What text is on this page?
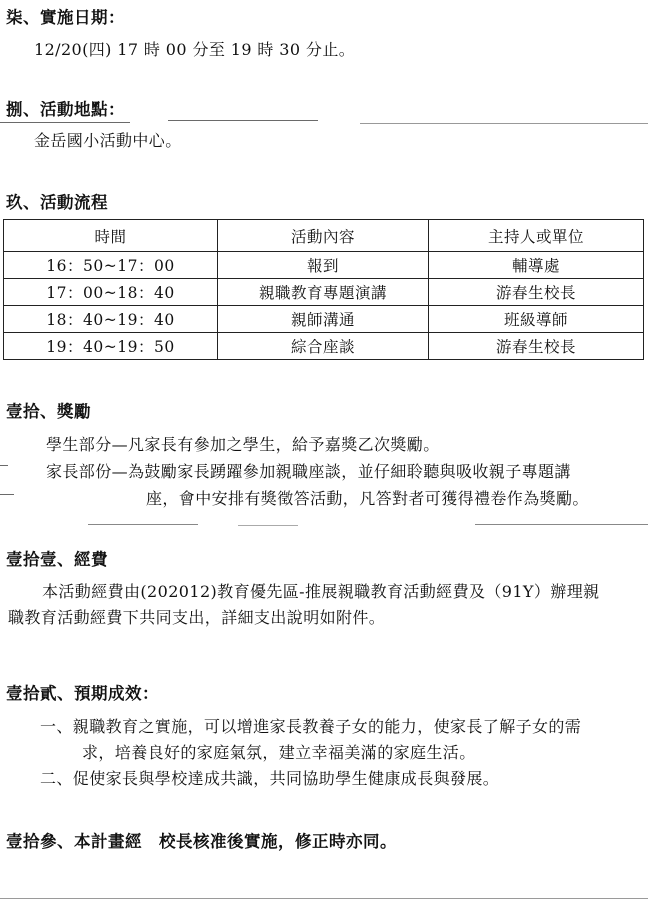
柒、實施日期：

12/20(四) 17 時 00 分至 19 時 30 分止。

捌、活動地點：

金岳國小活動中心。

玖、活動流程

時間	活動內容	主持人或單位
16：50~17：00	報到	輔導處
17：00~18：40	親職教育專題演講	游春生校長
18：40~19：40	親師溝通	班級導師
19：40~19：50	綜合座談	游春生校長

壹拾、獎勵

學生部分—凡家長有參加之學生，給予嘉獎乙次獎勵。

家長部份—為鼓勵家長踴躍參加親職座談，並仔細聆聽與吸收親子專題講

座，會中安排有獎徵答活動，凡答對者可獲得禮卷作為獎勵。

壹拾壹、經費

本活動經費由(202012)教育優先區-推展親職教育活動經費及（91Y）辦理親

職教育活動經費下共同支出，詳細支出說明如附件。

壹拾貳、預期成效：

一、親職教育之實施，可以增進家長教養子女的能力，使家長了解子女的需

求，培養良好的家庭氣氛，建立幸福美滿的家庭生活。

二、促使家長與學校達成共識，共同協助學生健康成長與發展。

壹拾參、本計畫經　校長核准後實施，修正時亦同。
